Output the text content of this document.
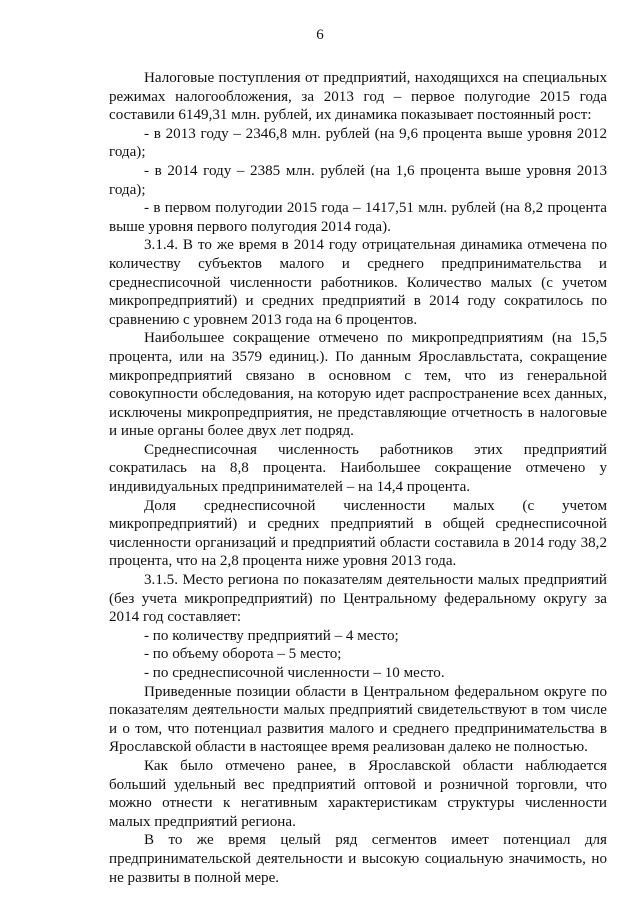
6

Налоговые поступления от предприятий, находящихся на специальных режимах налогообложения, за 2013 год – первое полугодие 2015 года составили 6149,31 млн. рублей, их динамика показывает постоянный рост:

- в 2013 году – 2346,8 млн. рублей (на 9,6 процента выше уровня 2012 года);

- в 2014 году – 2385 млн. рублей (на 1,6 процента выше уровня 2013 года);

- в первом полугодии 2015 года – 1417,51 млн. рублей (на 8,2 процента выше уровня первого полугодия 2014 года).

3.1.4. В то же время в 2014 году отрицательная динамика отмечена по количеству субъектов малого и среднего предпринимательства и среднесписочной численности работников. Количество малых (с учетом микропредприятий) и средних предприятий в 2014 году сократилось по сравнению с уровнем 2013 года на 6 процентов.

Наибольшее сокращение отмечено по микропредприятиям (на 15,5 процента, или на 3579 единиц.). По данным Ярославльстата, сокращение микропредприятий связано в основном с тем, что из генеральной совокупности обследования, на которую идет распространение всех данных, исключены микропредприятия, не представляющие отчетность в налоговые и иные органы более двух лет подряд.

Среднесписочная численность работников этих предприятий сократилась на 8,8 процента. Наибольшее сокращение отмечено у индивидуальных предпринимателей – на 14,4 процента.

Доля среднесписочной численности малых (с учетом микропредприятий) и средних предприятий в общей среднесписочной численности организаций и предприятий области составила в 2014 году 38,2 процента, что на 2,8 процента ниже уровня 2013 года.

3.1.5. Место региона по показателям деятельности малых предприятий (без учета микропредприятий) по Центральному федеральному округу за 2014 год составляет:

- по количеству предприятий – 4 место;

- по объему оборота – 5 место;

- по среднесписочной численности – 10 место.

Приведенные позиции области в Центральном федеральном округе по показателям деятельности малых предприятий свидетельствуют в том числе и о том, что потенциал развития малого и среднего предпринимательства в Ярославской области в настоящее время реализован далеко не полностью.

Как было отмечено ранее, в Ярославской области наблюдается больший удельный вес предприятий оптовой и розничной торговли, что можно отнести к негативным характеристикам структуры численности малых предприятий региона.

В то же время целый ряд сегментов имеет потенциал для предпринимательской деятельности и высокую социальную значимость, но не развиты в полной мере.
